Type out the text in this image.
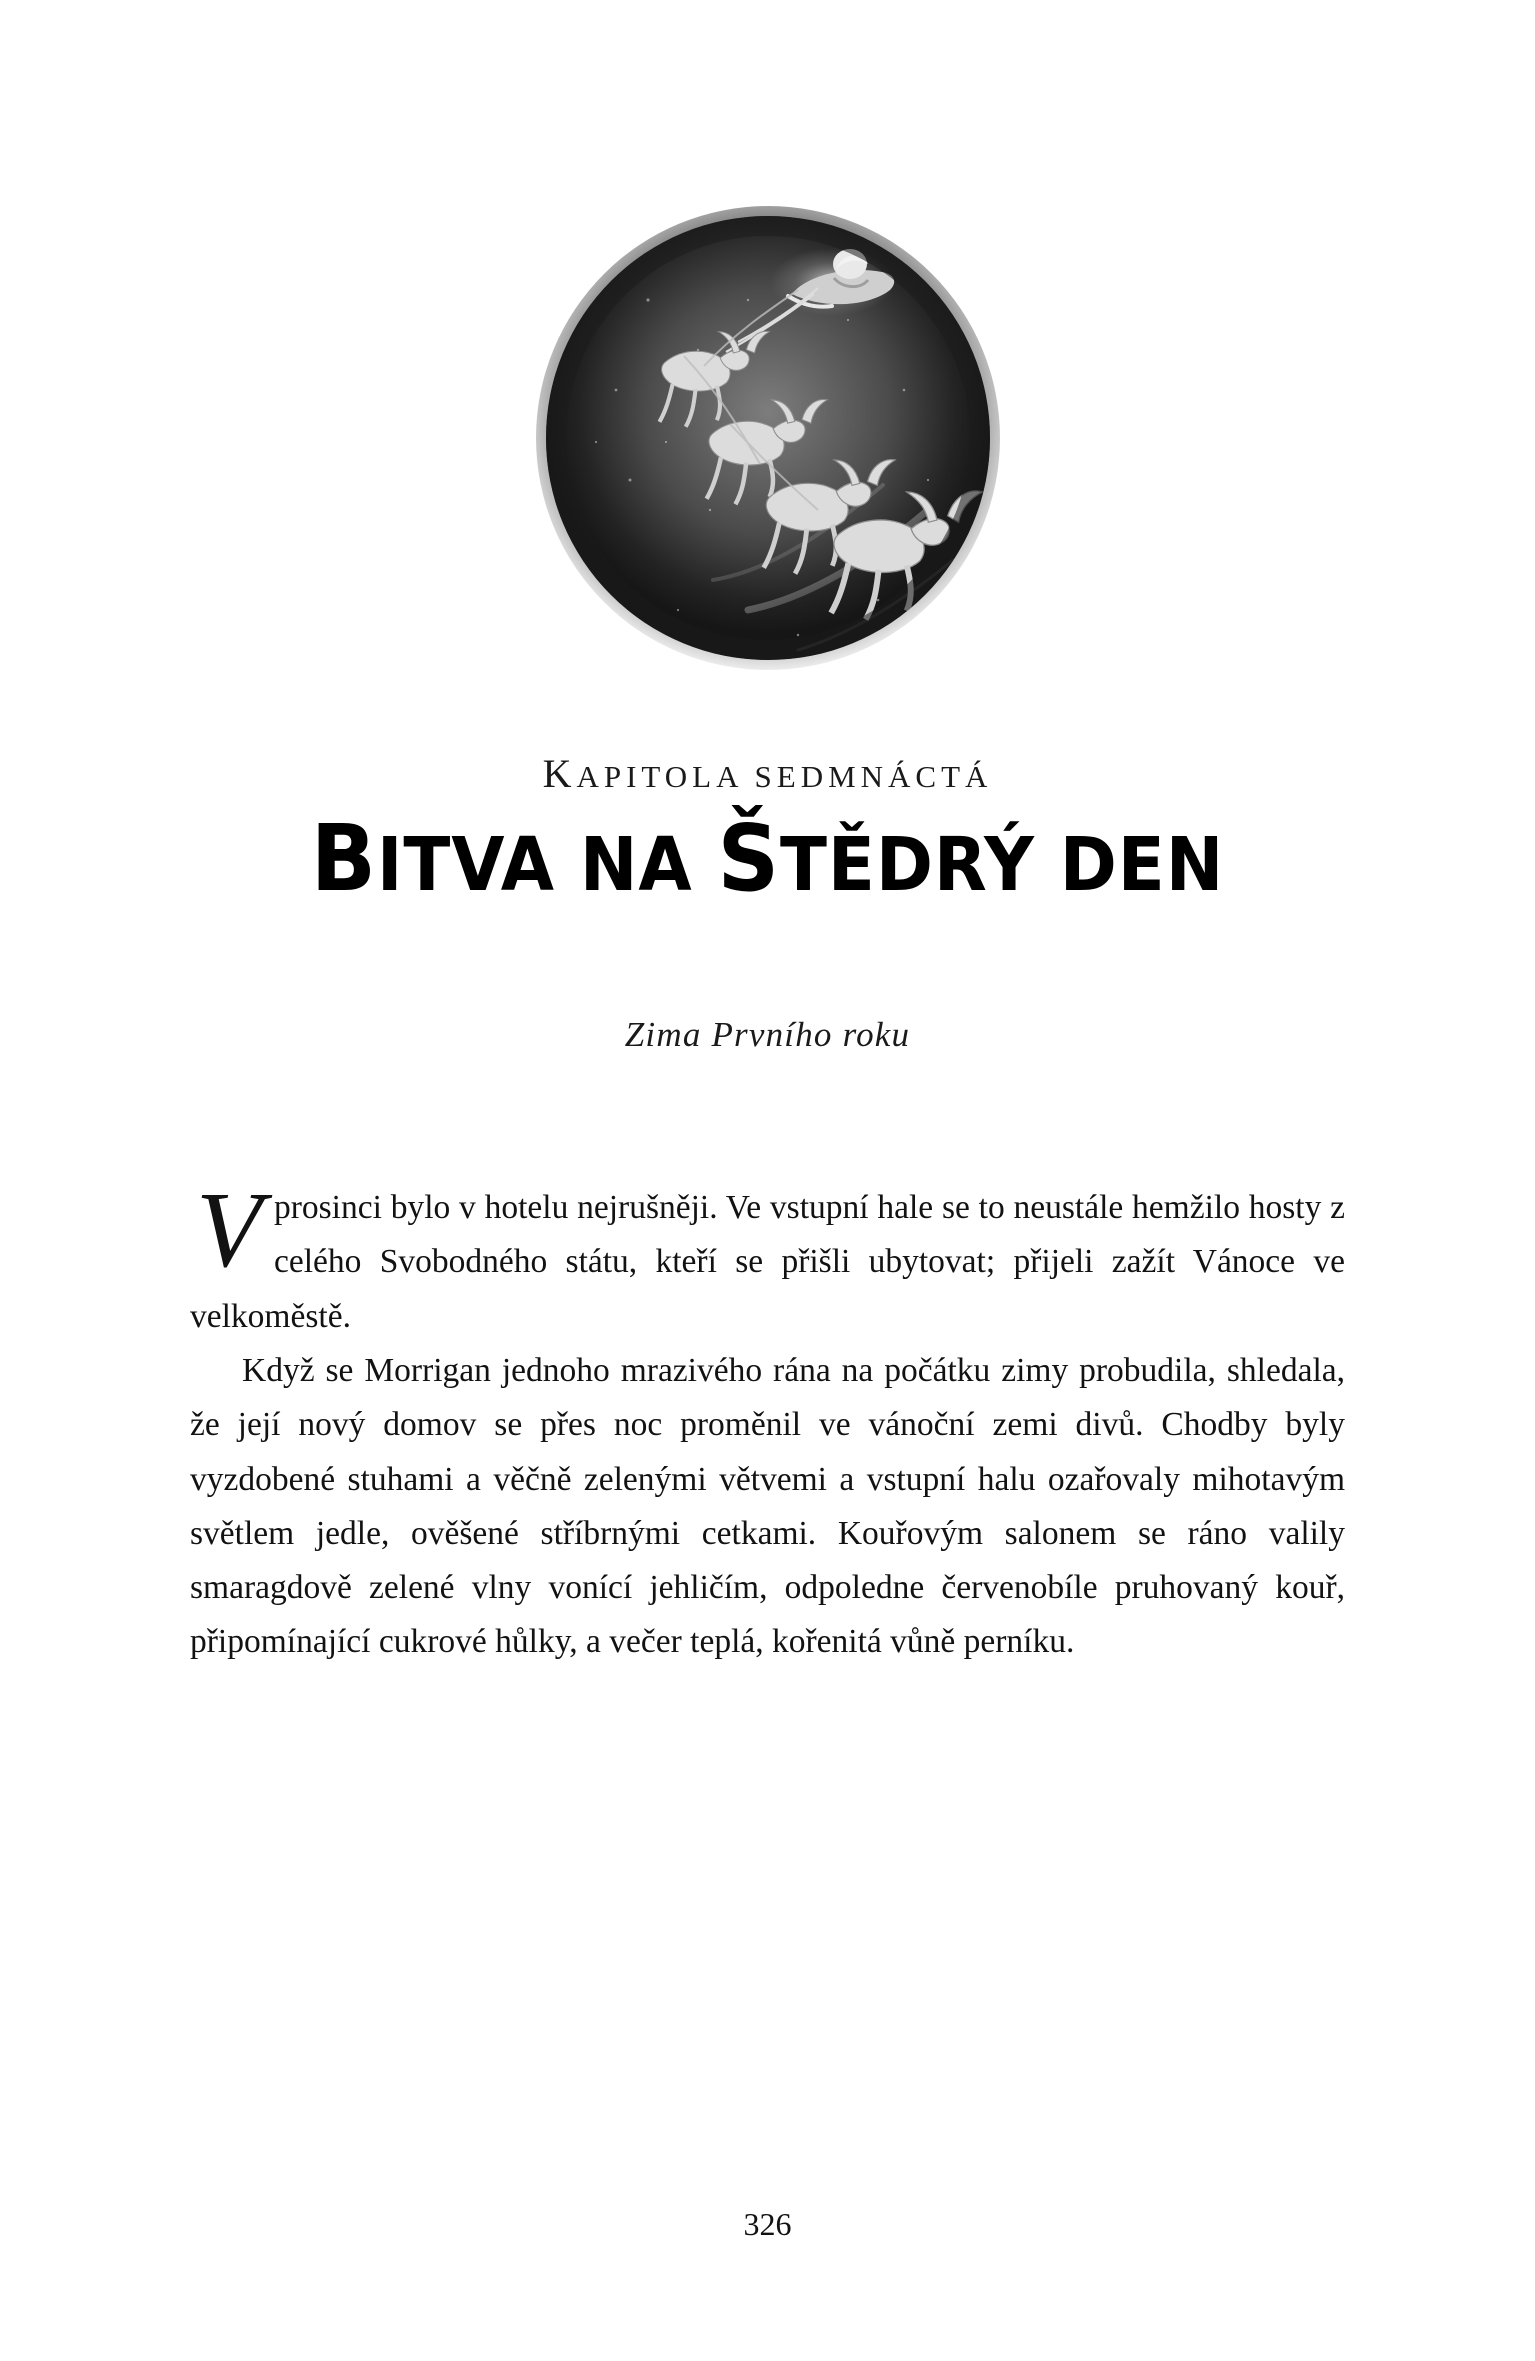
KAPITOLA SEDMNÁCTÁ
BITVA NA ŠTĚDRÝ DEN
Zima Prvního roku

Vprosinci bylo v hotelu nejrušněji. Ve vstupní hale se to neustále hemžilo hosty z celého Svobodného státu, kteří se přišli ubytovat; přijeli zažít Vánoce ve velkoměstě.

Když se Morrigan jednoho mrazivého rána na počátku zimy probudila, shledala, že její nový domov se přes noc proměnil ve vánoční zemi divů. Chodby byly vyzdobené stuhami a věčně zelenými větvemi a vstupní halu ozařovaly mihotavým světlem jedle, ověšené stříbrnými cetkami. Kouřovým salonem se ráno valily smaragdově zelené vlny vonící jehličím, odpoledne červenobíle pruhovaný kouř, připomínající cukrové hůlky, a večer teplá, kořenitá vůně perníku.

326
